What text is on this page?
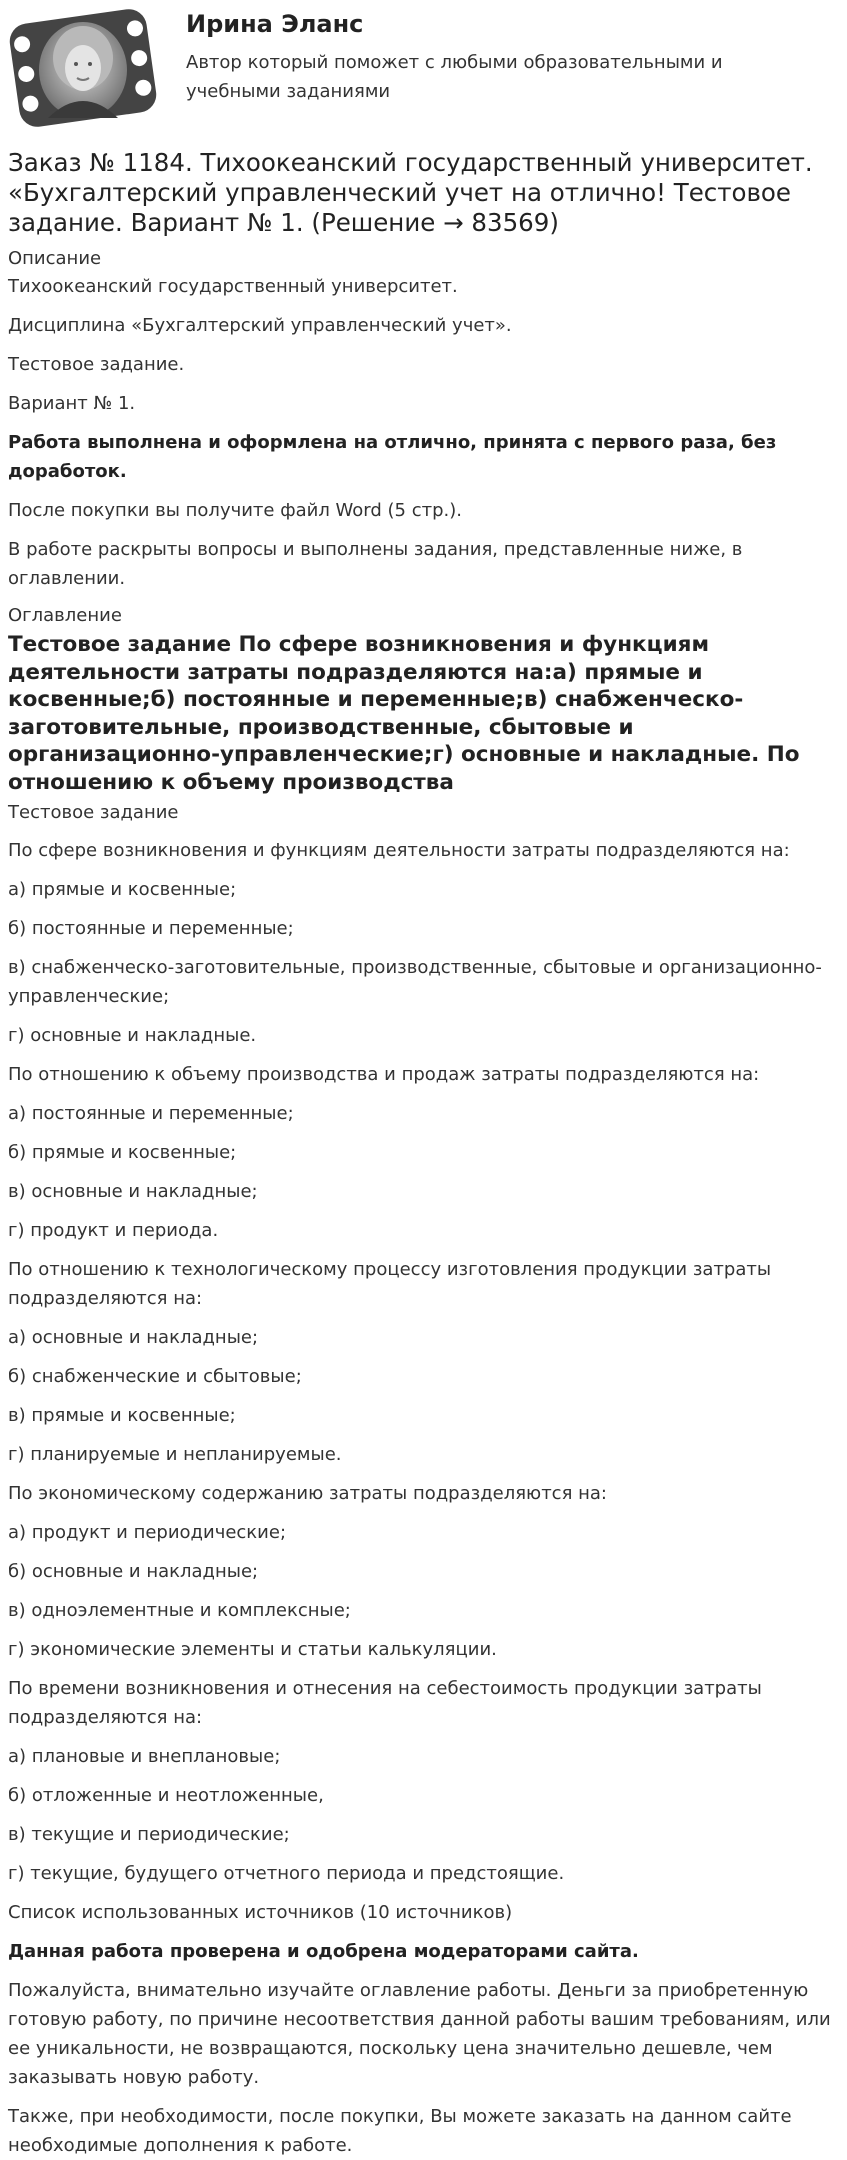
Ирина Эланс
Автор который поможет с любыми образовательными и учебными заданиями
Заказ № 1184. Тихоокеанский государственный университет. «Бухгалтерский управленческий учет на отлично! Тестовое задание. Вариант № 1. (Решение → 83569)
Описание

Тихоокеанский государственный университет.

Дисциплина «Бухгалтерский управленческий учет».

Тестовое задание.

Вариант № 1.

Работа выполнена и оформлена на отлично, принята с первого раза, без доработок.

После покупки вы получите файл Word (5 стр.).

В работе раскрыты вопросы и выполнены задания, представленные ниже, в оглавлении.

Оглавление
Тестовое задание По сфере возникновения и функциям деятельности затраты подразделяются на:а) прямые и косвенные;б) постоянные и переменные;в) снабженческо-заготовительные, производственные, сбытовые и организационно-управленческие;г) основные и накладные. По отношению к объему производства
Тестовое задание

По сфере возникновения и функциям деятельности затраты подразделяются на:

а) прямые и косвенные;

б) постоянные и переменные;

в) снабженческо-заготовительные, производственные, сбытовые и организационно-управленческие;

г) основные и накладные.

По отношению к объему производства и продаж затраты подразделяются на:

а) постоянные и переменные;

б) прямые и косвенные;

в) основные и накладные;

г) продукт и периода.

По отношению к технологическому процессу изготовления продукции затраты подразделяются на:

а) основные и накладные;

б) снабженческие и сбытовые;

в) прямые и косвенные;

г) планируемые и непланируемые.

По экономическому содержанию затраты подразделяются на:

а) продукт и периодические;

б) основные и накладные;

в) одноэлементные и комплексные;

г) экономические элементы и статьи калькуляции.

По времени возникновения и отнесения на себестоимость продукции затраты подразделяются на:

а) плановые и внеплановые;

б) отложенные и неотложенные,

в) текущие и периодические;

г) текущие, будущего отчетного периода и предстоящие.

Список использованных источников (10 источников)

Данная работа проверена и одобрена модераторами сайта.

Пожалуйста, внимательно изучайте оглавление работы. Деньги за приобретенную готовую работу, по причине несоответствия данной работы вашим требованиям, или ее уникальности, не возвращаются, поскольку цена значительно дешевле, чем заказывать новую работу.

Также, при необходимости, после покупки, Вы можете заказать на данном сайте необходимые дополнения к работе.
